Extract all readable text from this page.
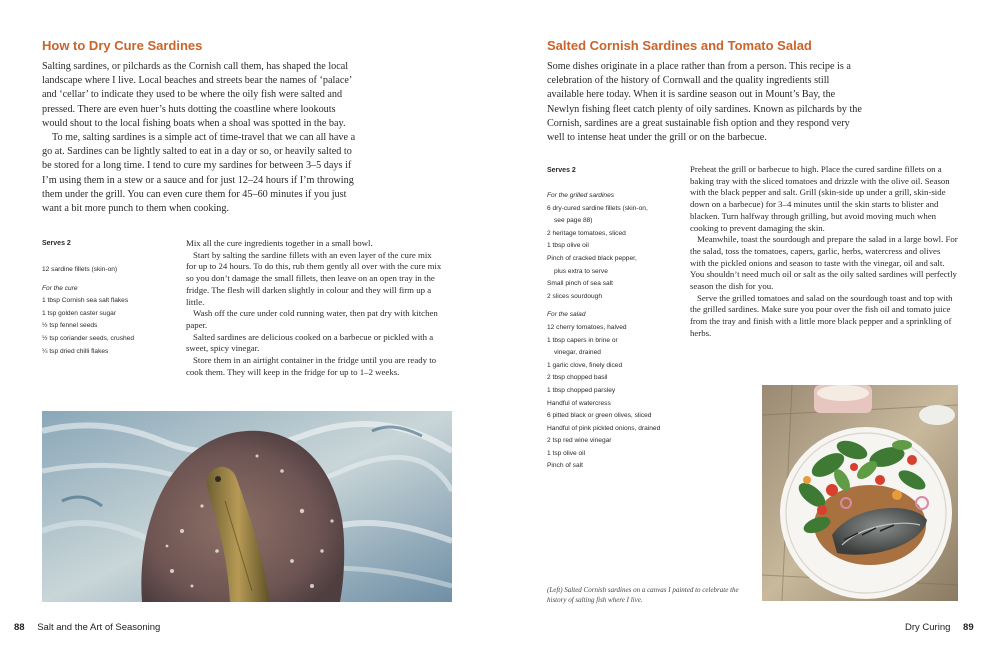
How to Dry Cure Sardines

Salting sardines, or pilchards as the Cornish call them, has shaped the local landscape where I live. Local beaches and streets bear the names of ‘palace’ and ‘cellar’ to indicate they used to be where the oily fish were salted and pressed. There are even huer’s huts dotting the coastline where lookouts would shout to the local fishing boats when a shoal was spotted in the bay.

To me, salting sardines is a simple act of time-travel that we can all have a go at. Sardines can be lightly salted to eat in a day or so, or heavily salted to be stored for a long time. I tend to cure my sardines for between 3–5 days if I’m using them in a stew or a sauce and for just 12–24 hours if I’m throwing them under the grill. You can even cure them for 45–60 minutes if you just want a bit more punch to them when cooking.

Serves 2
12 sardine fillets (skin-on)
For the cure
1 tbsp Cornish sea salt flakes
1 tsp golden caster sugar
½ tsp fennel seeds
½ tsp coriander seeds, crushed
¼ tsp dried chilli flakes

Mix all the cure ingredients together in a small bowl.

Start by salting the sardine fillets with an even layer of the cure mix for up to 24 hours. To do this, rub them gently all over with the cure mix so you don’t damage the small fillets, then leave on an open tray in the fridge. The flesh will darken slightly in colour and they will firm up a little.

Wash off the cure under cold running water, then pat dry with kitchen paper.

Salted sardines are delicious cooked on a barbecue or pickled with a sweet, spicy vinegar.

Store them in an airtight container in the fridge until you are ready to cook them. They will keep in the fridge for up to 1–2 weeks.

88 Salt and the Art of Seasoning
Salted Cornish Sardines and Tomato Salad

Some dishes originate in a place rather than from a person. This recipe is a celebration of the history of Cornwall and the quality ingredients still available here today. When it is sardine season out in Mount’s Bay, the Newlyn fishing fleet catch plenty of oily sardines. Known as pilchards by the Cornish, sardines are a great sustainable fish option and they respond very well to intense heat under the grill or on the barbecue.

Serves 2
For the grilled sardines
6 dry-cured sardine fillets (skin-on,
see page 88)
2 heritage tomatoes, sliced
1 tbsp olive oil
Pinch of cracked black pepper,
plus extra to serve
Small pinch of sea salt
2 slices sourdough
For the salad
12 cherry tomatoes, halved
1 tbsp capers in brine or
vinegar, drained
1 garlic clove, finely diced
2 tbsp chopped basil
1 tbsp chopped parsley
Handful of watercress
6 pitted black or green olives, sliced
Handful of pink pickled onions, drained
2 tsp red wine vinegar
1 tsp olive oil
Pinch of salt

Preheat the grill or barbecue to high. Place the cured sardine fillets on a baking tray with the sliced tomatoes and drizzle with the olive oil. Season with the black pepper and salt. Grill (skin-side up under a grill, skin-side down on a barbecue) for 3–4 minutes until the skin starts to blister and blacken. Turn halfway through grilling, but avoid moving much when cooking to prevent damaging the skin.

Meanwhile, toast the sourdough and prepare the salad in a large bowl. For the salad, toss the tomatoes, capers, garlic, herbs, watercress and olives with the pickled onions and season to taste with the vinegar, oil and salt. You shouldn’t need much oil or salt as the oily salted sardines will perfectly season the dish for you.

Serve the grilled tomatoes and salad on the sourdough toast and top with the grilled sardines. Make sure you pour over the fish oil and tomato juice from the tray and finish with a little more black pepper and a sprinkling of herbs.

(Left) Salted Cornish sardines on a canvas I painted to celebrate the history of salting fish where I live.
Dry Curing 89
